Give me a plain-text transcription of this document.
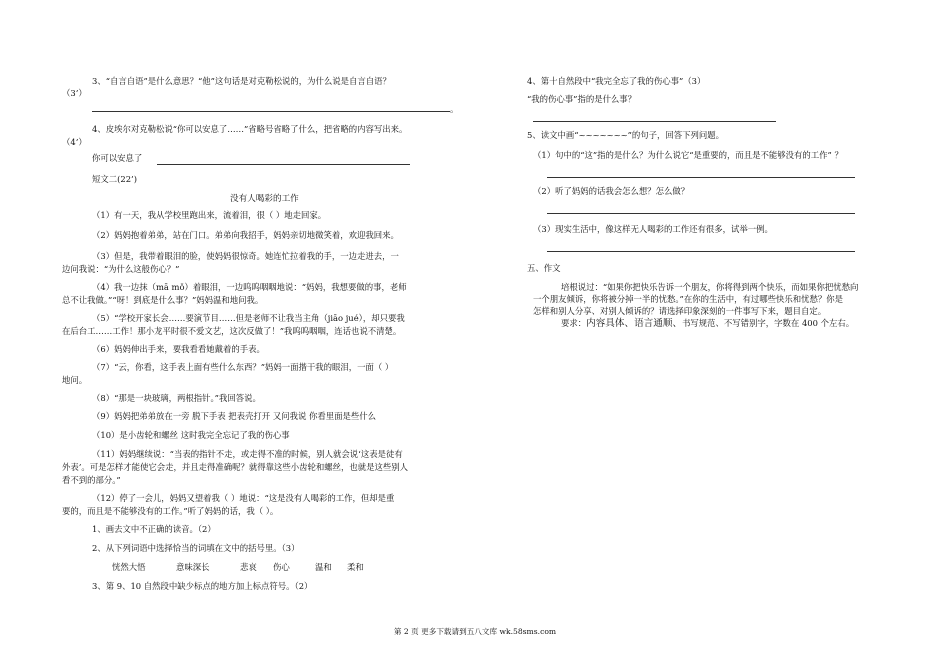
3、“自言自语”是什么意思？“他”这句话是对克勒松说的，为什么说是自言自语？
（3’）
。
4、皮埃尔对克勒松说“你可以安息了……”省略号省略了什么，把省略的内容写出来。
（4’）
你可以安息了
短文二(22’)
没有人喝彩的工作
（1）有一天，我从学校里跑出来，流着泪，很（ ）地走回家。
（2）妈妈抱着弟弟，站在门口。弟弟向我招手，妈妈亲切地微笑着，欢迎我回来。
（3）但是，我带着眼泪的脸，使妈妈很惊奇。她连忙拉着我的手，一边走进去，一
边问我说：“为什么这般伤心？”
（4）我一边抹（mā mǒ）着眼泪，一边呜呜咽咽地说：“妈妈，我想要做的事，老师
总不让我做。”“呀！到底是什么事？”妈妈温和地问我。
（5）“学校开家长会……要演节目……但是老师不让我当主角（jiāo jué），却只要我
在后台工……工作！那小龙平时很不爱文艺，这次反做了！”我呜呜咽咽，连话也说不清楚。
（6）妈妈伸出手来，要我看看她戴着的手表。
（7）“云，你看，这手表上面有些什么东西？”妈妈一面揩干我的眼泪，一面（ ）
地问。
（8）“那是一块玻璃，两根指针。”我回答说。
（9）妈妈把弟弟放在一旁 脱下手表 把表壳打开 又问我说 你看里面是些什么
（10）是小齿轮和螺丝 这时我完全忘记了我的伤心事
（11）妈妈继续说：“当表的指针不走，或走得不准的时候，别人就会说‘这表是徒有
外表’。可是怎样才能使它会走，并且走得准确呢？就得靠这些小齿轮和螺丝，也就是这些别人
看不到的部分。”
（12）停了一会儿，妈妈又望着我（ ）地说：“这是没有人喝彩的工作，但却是重
要的，而且是不能够没有的工作。”听了妈妈的话，我（ ）。
1、画去文中不正确的读音。（2）
2、从下列词语中选择恰当的词填在文中的括号里。（3）
恍然大悟	意味深长	悲哀 伤心	温和 柔和
3、第 9、10 自然段中缺少标点的地方加上标点符号。（2）
4、第十自然段中“我完全忘了我的伤心事”（3）
“我的伤心事”指的是什么事？
5、读文中画“~~~~~~~”的句子，回答下列问题。
（1）句中的“这”指的是什么？为什么说它“是重要的，而且是不能够没有的工作” ？
（2）听了妈妈的话我会怎么想？怎么做？
（3）现实生活中，像这样无人喝彩的工作还有很多，试举一例。
五、作文
培根说过：“如果你把快乐告诉一个朋友，你将得到两个快乐，而如果你把忧愁向
一个朋友倾诉，你将被分掉一半的忧愁。”在你的生活中，有过哪些快乐和忧愁？你是
怎样和别人分享、对别人倾诉的？请选择印象深刻的一件事写下来，题目自定。
要求：内容具体、语言通顺、书写规范、不写错别字，字数在 400 个左右。
第 2 页 更多下载请到五八文库 wk.58sms.com
